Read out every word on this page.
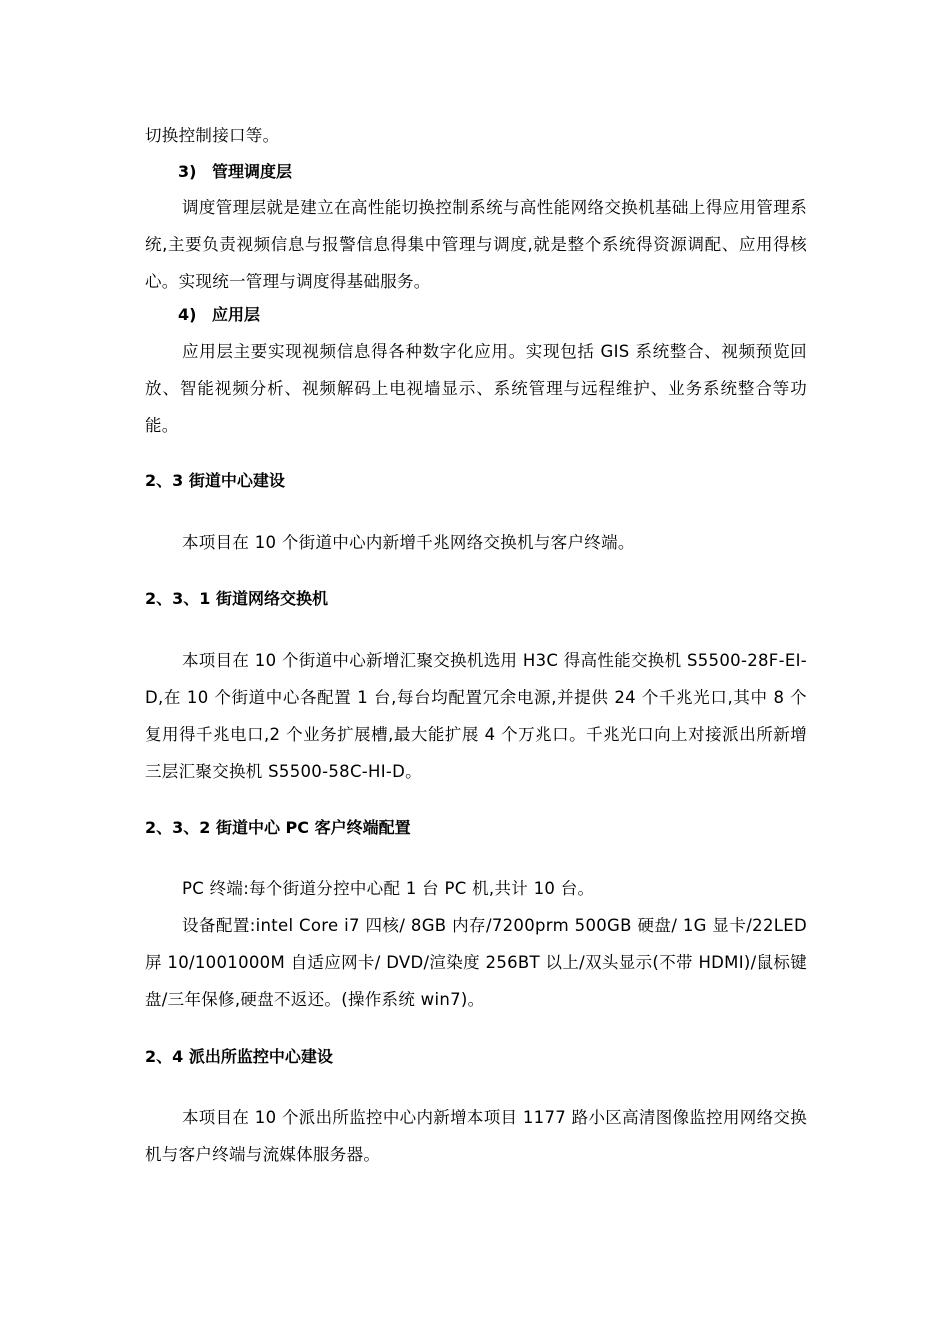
切换控制接口等。

3) 管理调度层

调度管理层就是建立在高性能切换控制系统与高性能网络交换机基础上得应用管理系统,主要负责视频信息与报警信息得集中管理与调度,就是整个系统得资源调配、应用得核心。实现统一管理与调度得基础服务。

4) 应用层

应用层主要实现视频信息得各种数字化应用。实现包括 GIS 系统整合、视频预览回放、智能视频分析、视频解码上电视墙显示、系统管理与远程维护、业务系统整合等功能。

2、3 街道中心建设

本项目在 10 个街道中心内新增千兆网络交换机与客户终端。

2、3、1 街道网络交换机

本项目在 10 个街道中心新增汇聚交换机选用 H3C 得高性能交换机 S5500-28F-EI-D,在 10 个街道中心各配置 1 台,每台均配置冗余电源,并提供 24 个千兆光口,其中 8 个复用得千兆电口,2 个业务扩展槽,最大能扩展 4 个万兆口。千兆光口向上对接派出所新增三层汇聚交换机 S5500-58C-HI-D。

2、3、2 街道中心 PC 客户终端配置

PC 终端:每个街道分控中心配 1 台 PC 机,共计 10 台。

设备配置:intel Core i7 四核/ 8GB 内存/7200prm 500GB 硬盘/ 1G 显卡/22LED 屏 10/1001000M 自适应网卡/ DVD/渲染度 256BT 以上/双头显示(不带 HDMI)/鼠标键盘/三年保修,硬盘不返还。(操作系统 win7)。

2、4 派出所监控中心建设

本项目在 10 个派出所监控中心内新增本项目 1177 路小区高清图像监控用网络交换机与客户终端与流媒体服务器。
